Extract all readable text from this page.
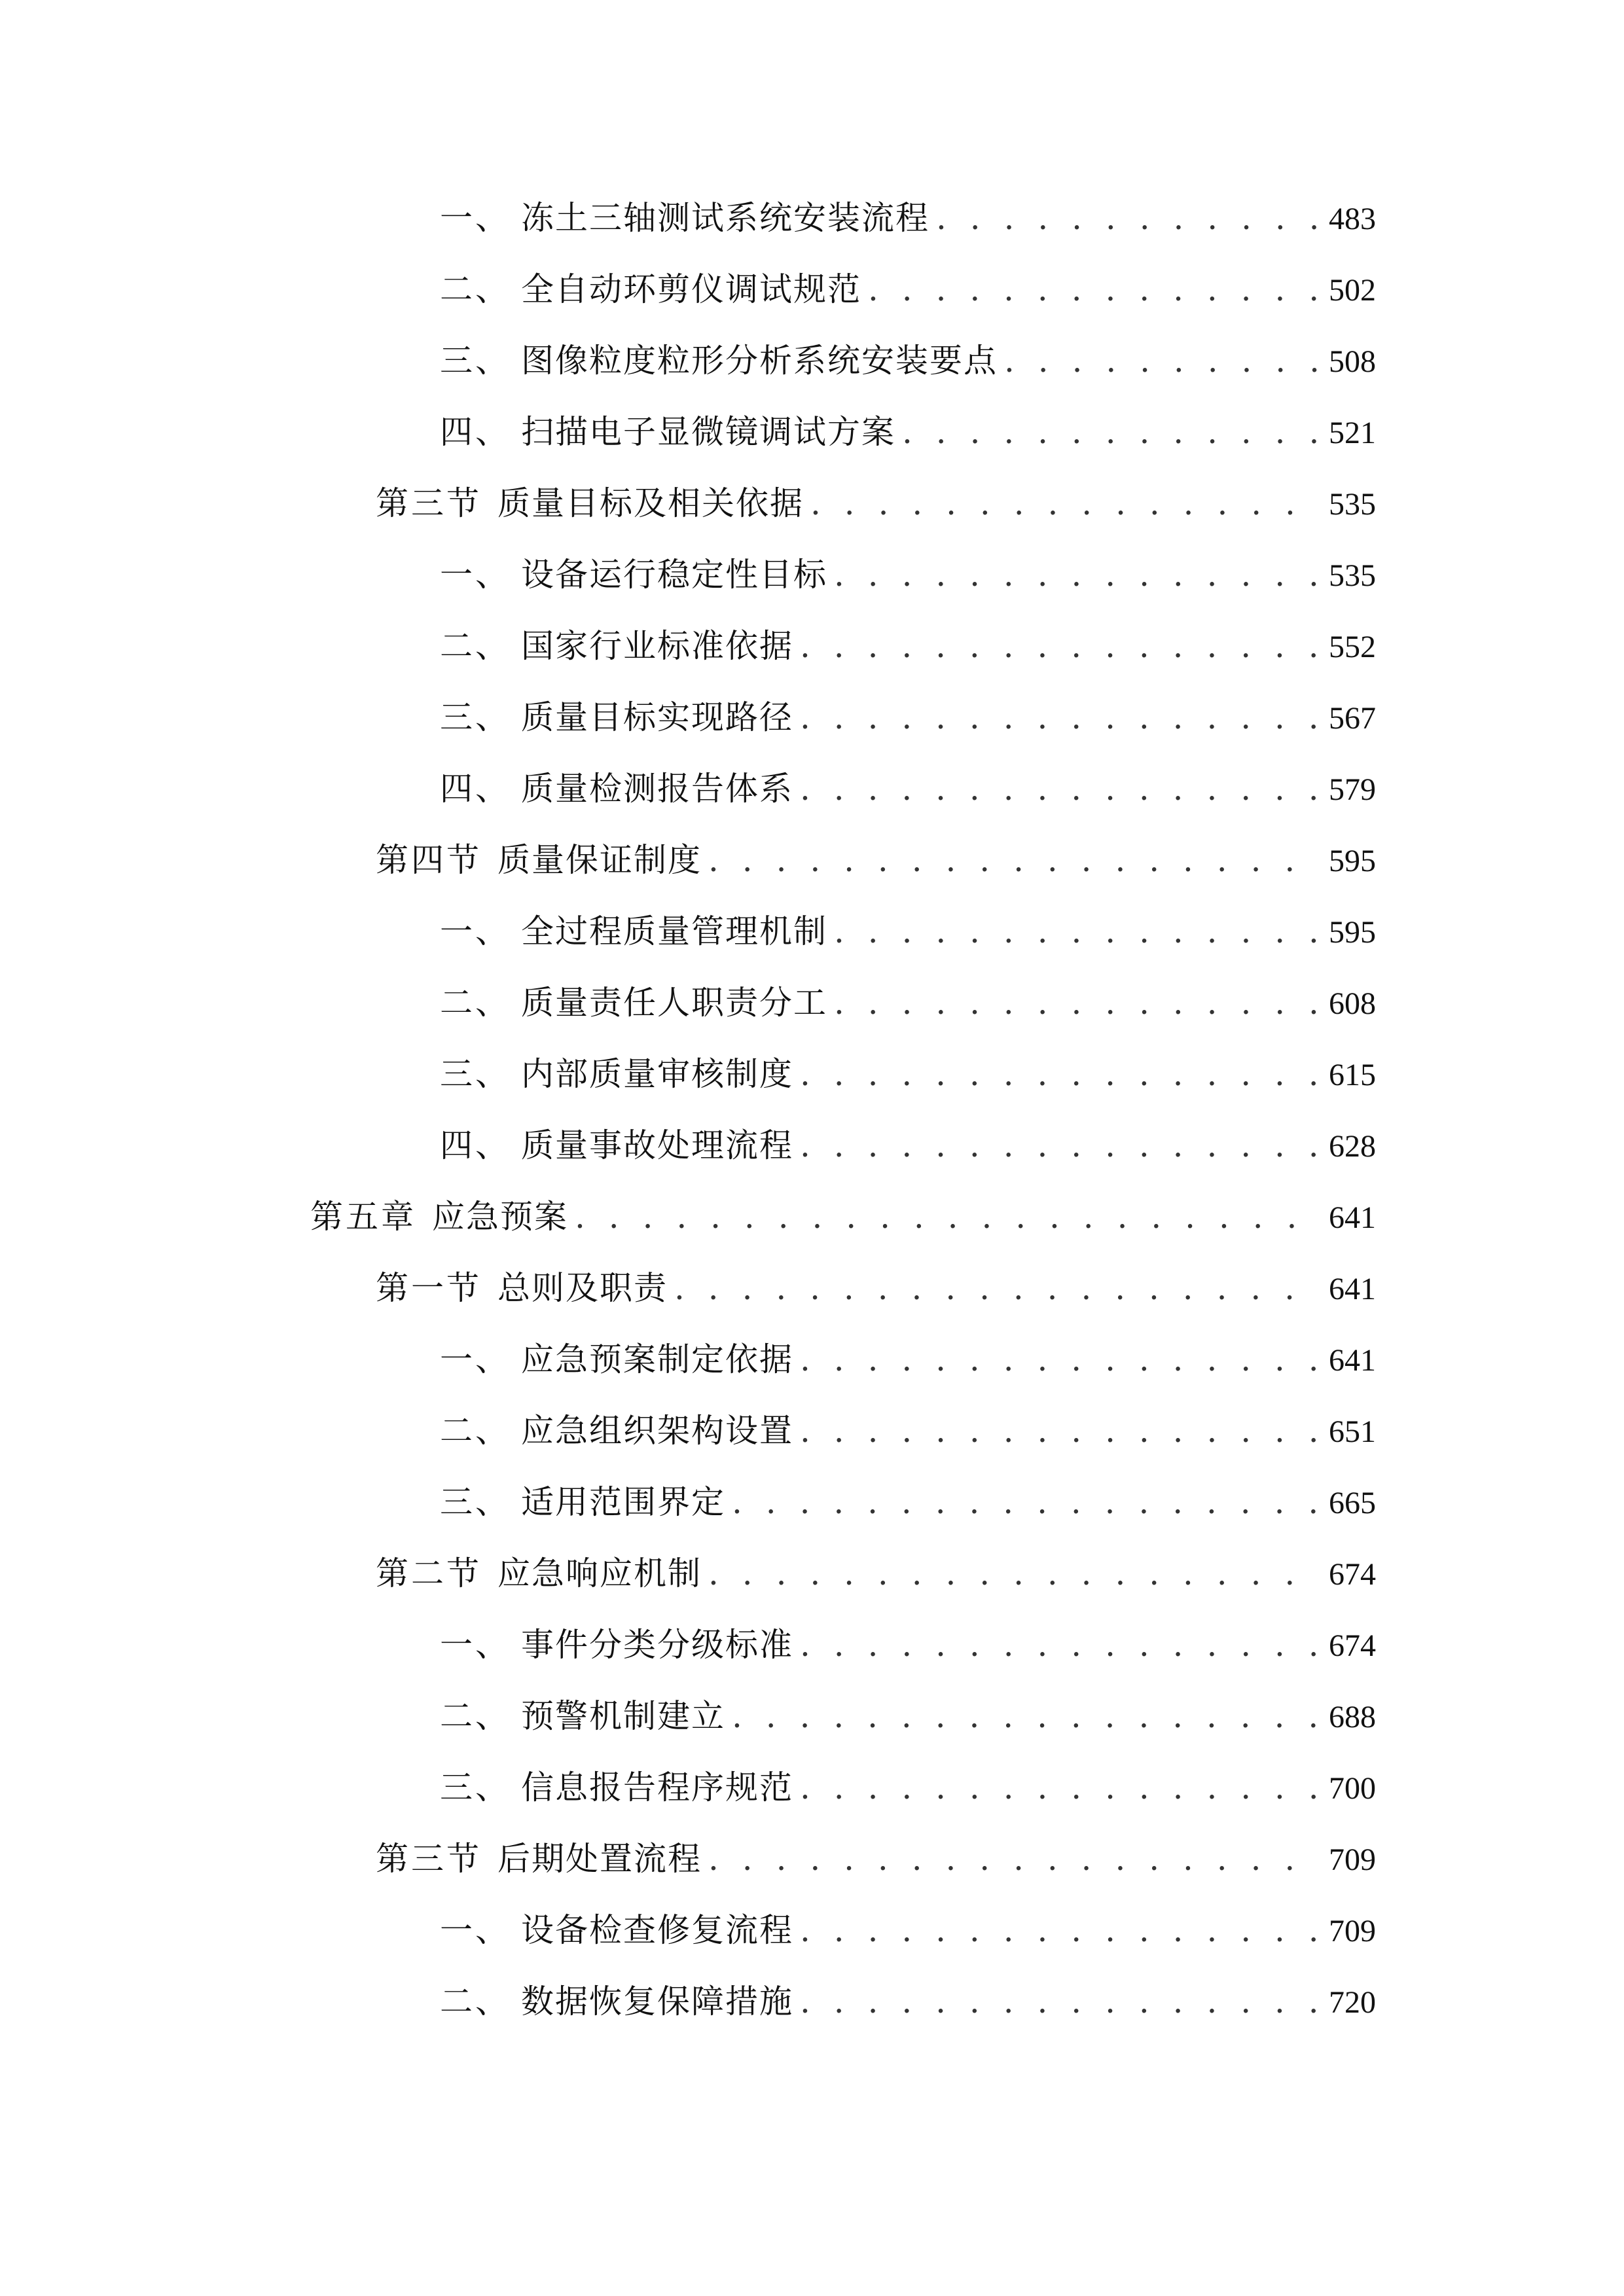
一、 冻土三轴测试系统安装流程 . . .	483
二、 全自动环剪仪调试规范 . . .	502
三、 图像粒度粒形分析系统安装要点 . . .	508
四、 扫描电子显微镜调试方案 . . .	521
第三节 质量目标及相关依据 . . .	535
一、 设备运行稳定性目标 . . .	535
二、 国家行业标准依据 . . .	552
三、 质量目标实现路径 . . .	567
四、 质量检测报告体系 . . .	579
第四节 质量保证制度 . . .	595
一、 全过程质量管理机制 . . .	595
二、 质量责任人职责分工 . . .	608
三、 内部质量审核制度 . . .	615
四、 质量事故处理流程 . . .	628
第五章 应急预案 . . .	641
第一节 总则及职责 . . .	641
一、 应急预案制定依据 . . .	641
二、 应急组织架构设置 . . .	651
三、 适用范围界定 . . .	665
第二节 应急响应机制 . . .	674
一、 事件分类分级标准 . . .	674
二、 预警机制建立 . . .	688
三、 信息报告程序规范 . . .	700
第三节 后期处置流程 . . .	709
一、 设备检查修复流程 . . .	709
二、 数据恢复保障措施 . . .	720
